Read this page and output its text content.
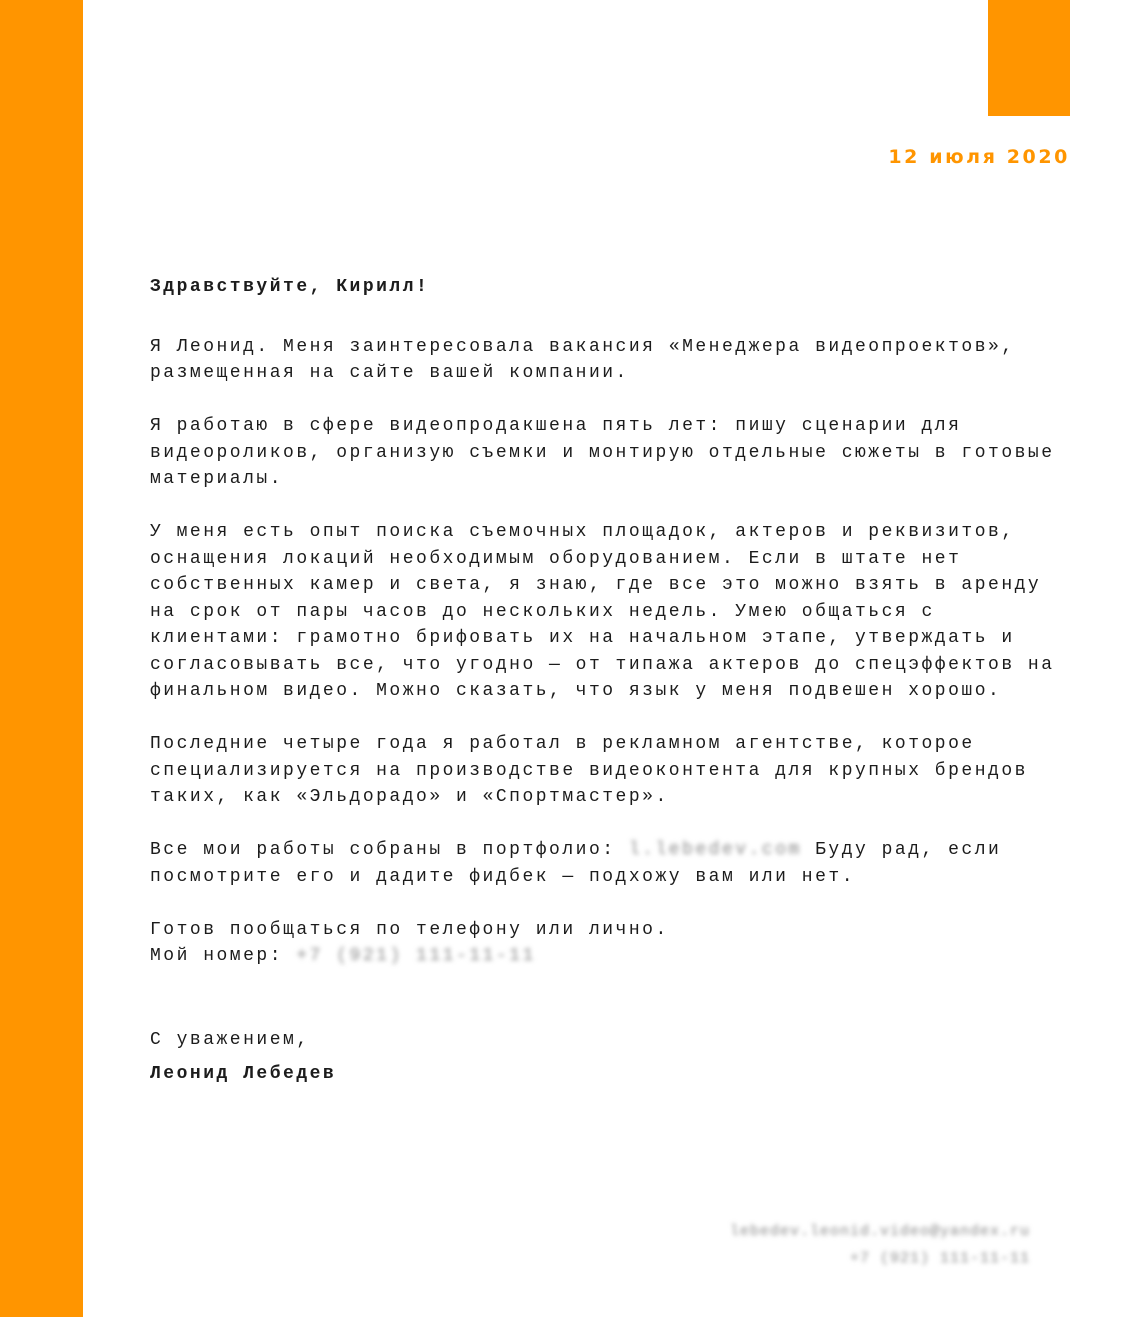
12 июля 2020
Здравствуйте, Кирилл!
Я Леонид. Меня заинтересовала вакансия «Менеджера видеопроектов»,
размещенная на сайте вашей компании.
Я работаю в сфере видеопродакшена пять лет: пишу сценарии для
видеороликов, организую съемки и монтирую отдельные сюжеты в готовые
материалы.
У меня есть опыт поиска съемочных площадок, актеров и реквизитов,
оснащения локаций необходимым оборудованием. Если в штате нет
собственных камер и света, я знаю, где все это можно взять в аренду
на срок от пары часов до нескольких недель. Умею общаться с
клиентами: грамотно брифовать их на начальном этапе, утверждать и
согласовывать все, что угодно — от типажа актеров до спецэффектов на
финальном видео. Можно сказать, что язык у меня подвешен хорошо.
Последние четыре года я работал в рекламном агентстве, которое
специализируется на производстве видеоконтента для крупных брендов
таких, как «Эльдорадо» и «Спортмастер».
Все мои работы собраны в портфолио: l.lebedev.com Буду рад, если
посмотрите его и дадите фидбек — подхожу вам или нет.
Готов пообщаться по телефону или лично.
Мой номер: +7 (921) 111-11-11
С уважением,
Леонид Лебедев
lebedev.leonid.video@yandex.ru
+7 (921) 111-11-11
